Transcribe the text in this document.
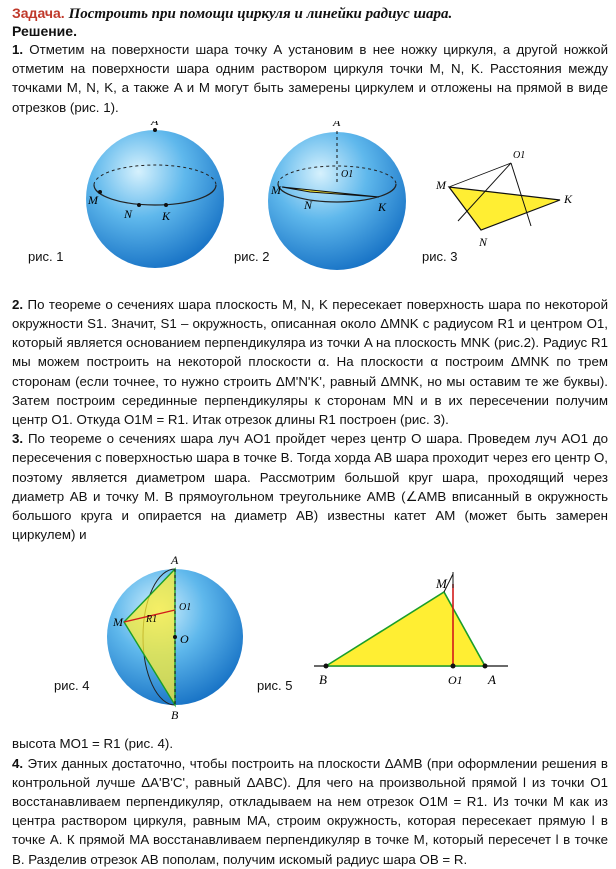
Задача. Построить при помощи циркуля и линейки радиус шара.

Решение.

1. Отметим на поверхности шара точку А установим в нее ножку циркуля, а другой ножкой отметим на поверхности шара одним раствором циркуля точки M, N, K. Расстояния между точками M, N, K, а также A и M могут быть замерены циркулем и отложены на прямой в виде отрезков (рис. 1).

A
M
N K
A
O1
M
N	K
M
O1
K
N
рис. 1	рис. 2	рис. 3

2. По теореме о сечениях шара плоскость M, N, K пересекает поверхность шара по некоторой окружности S1. Значит, S1 – окружность, описанная около ΔMNK с радиусом R1 и центром O1, который является основанием перпендикуляра из точки A на плоскость MNK (рис.2). Радиус R1 мы можем построить на некоторой плоскости α. На плоскости α построим ΔMNK по трем сторонам (если точнее, то нужно строить ΔM'N'K', равный ΔMNK, но мы оставим те же буквы). Затем построим серединные перпендикуляры к сторонам MN и в их пересечении получим центр O1. Откуда O1M = R1. Итак отрезок длины R1 построен (рис. 3).

3. По теореме о сечениях шара луч AO1 пройдет через центр O шара. Проведем луч AO1 до пересечения с поверхностью шара в точке B. Тогда хорда AB шара проходит через его центр O, поэтому является диаметром шара. Рассмотрим большой круг шара, проходящий через диаметр AB и точку M. В прямоугольном треугольнике AMB (∠AMB вписанный в окружность большого круга и опирается на диаметр AB) известны катет AM (может быть замерен циркулем) и

A
M R1
O1
O
B
M
B	O1 A
рис. 4	рис. 5

высота MO1 = R1 (рис. 4).

4. Этих данных достаточно, чтобы построить на плоскости ΔAMB (при оформлении решения в контрольной лучше ΔA'B'C', равный ΔABC). Для чего на произвольной прямой l из точки O1 восстанавливаем перпендикуляр, откладываем на нем отрезок O1M = R1. Из точки M как из центра раствором циркуля, равным MA, строим окружность, которая пересекает прямую l в точке A. К прямой MA восстанавливаем перпендикуляр в точке M, который пересечет l в точке B. Разделив отрезок AB пополам, получим искомый радиус шара OB = R.
